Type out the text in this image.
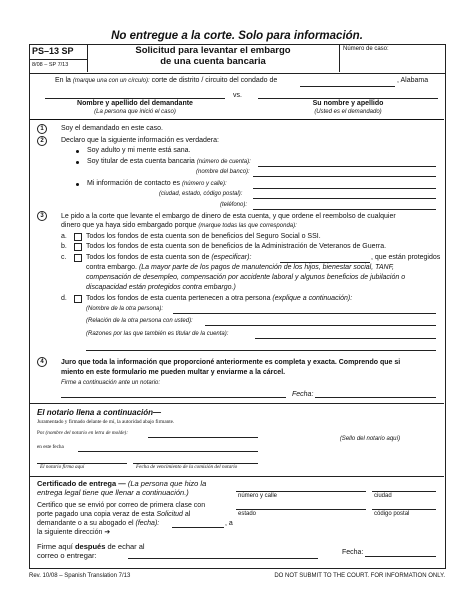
No entregue a la corte. Solo para información.
PS–13 SP
8/08 – SP 7/13
Solicitud para levantar el embargo
de una cuenta bancaria
Número de caso:
En la (marque una con un círculo): corte de distrito / circuito del condado de	, Alabama
vs.
Nombre y apellido del demandante
(La persona que inició el caso)
Su nombre y apellido
(Usted es el demandado)
1	Soy el demandado en este caso.
2	Declaro que la siguiente información es verdadera:
Soy adulto y mi mente está sana.
Soy titular de esta cuenta bancaria (número de cuenta):
(nombre del banco):
Mi información de contacto es (número y calle):
(ciudad, estado, código postal):
(teléfono):
3	Le pido a la corte que levante el embargo de dinero de esta cuenta, y que ordene el reembolso de cualquier
dinero que ya haya sido embargado porque (marque todas las que corresponda):
a.	Todos los fondos de esta cuenta son de beneficios del Seguro Social o SSI.
b.	Todos los fondos de esta cuenta son de beneficios de la Administración de Veteranos de Guerra.
c.	Todos los fondos de esta cuenta son de (especificar):	, que están protegidos
contra embargo. (La mayor parte de los pagos de manutención de los hijos, bienestar social, TANF,
compensación de desempleo, compensación por accidente laboral y algunos beneficios de jubilación o
discapacidad están protegidos contra embargo.)
d.	Todos los fondos de esta cuenta pertenecen a otra persona (explique a continuación):
(Nombre de la otra persona):
(Relación de la otra persona con usted):
(Razones por las que también es titular de la cuenta):
4	Juro que toda la información que proporcioné anteriormente es completa y exacta. Comprendo que si
miento en este formulario me pueden multar y enviarme a la cárcel.
Firme a continuación ante un notario:
Fecha:
El notario llena a continuación—
Juramentado y firmado delante de mí, la autoridad abajo firmante.
Por (nombre del notario en letra de molde):
en este fecha
(Sello del notario aquí)
El notario firma aquí	Fecha de vencimiento de la comisión del notario
Certificado de entrega — (La persona que hizo la
entrega legal tiene que llenar a continuación.)
Certifico que se envió por correo de primera clase con
porte pagado una copia veraz de esta Solicitud al
demandante o a su abogado el (fecha):	, a
la siguiente dirección ➔
número y calle	ciudad
estado	código postal
Firme aquí después de echar al
correo o entregar:	Fecha:
Rev. 10/08 – Spanish Translation 7/13	DO NOT SUBMIT TO THE COURT. FOR INFORMATION ONLY.
